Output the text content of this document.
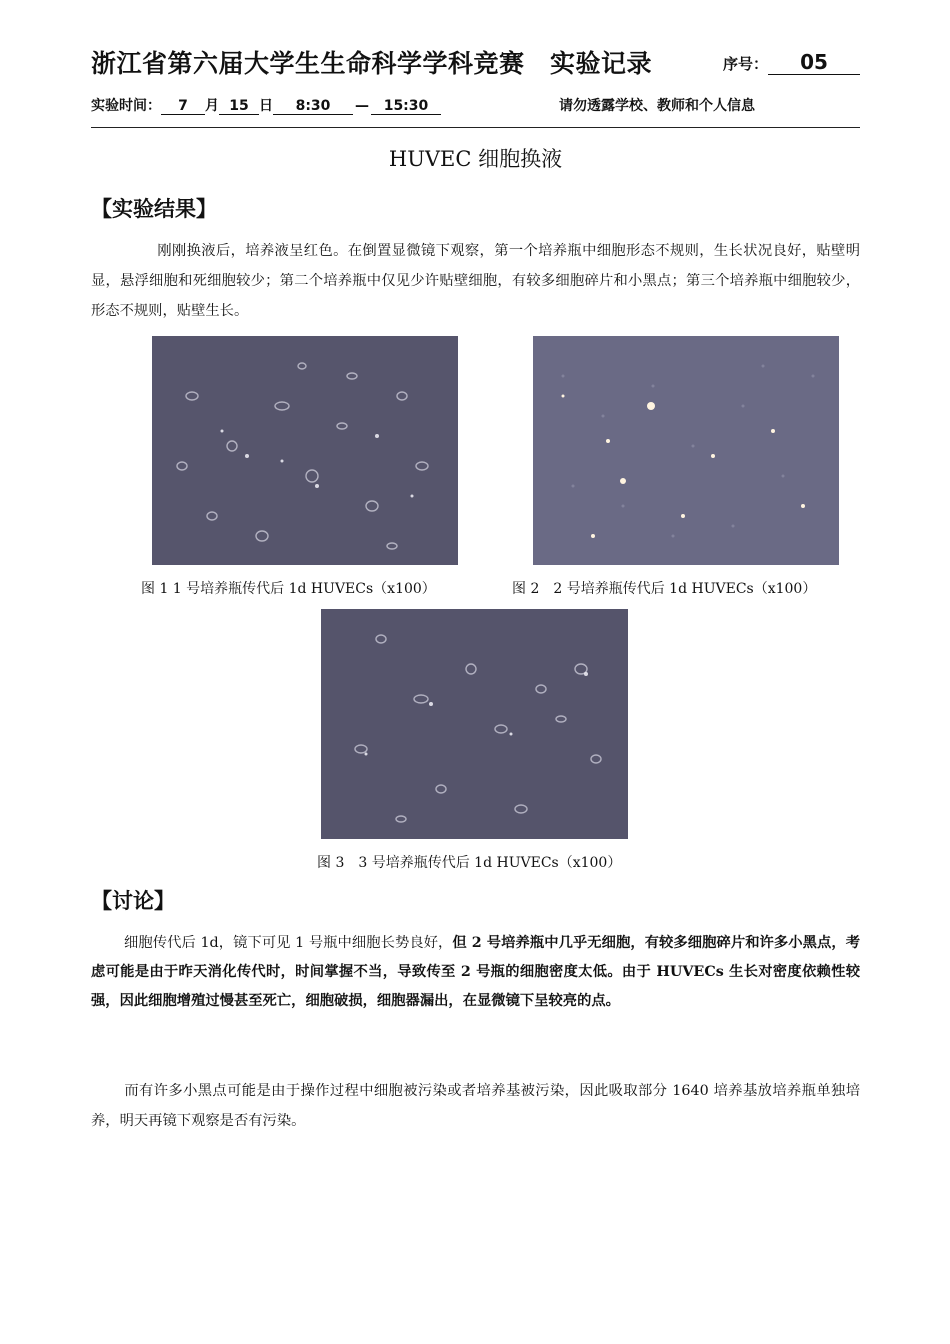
浙江省第六届大学生生命科学学科竞赛　实验记录	序号： 05
实验时间： 7 月 15 日 8:30 — 15:30	请勿透露学校、教师和个人信息
HUVEC 细胞换液
【实验结果】
刚刚换液后，培养液呈红色。在倒置显微镜下观察，第一个培养瓶中细胞形态不规则，生长状况良好，贴壁明显，悬浮细胞和死细胞较少；第二个培养瓶中仅见少许贴壁细胞，有较多细胞碎片和小黑点；第三个培养瓶中细胞较少，形态不规则，贴壁生长。
图 1 1 号培养瓶传代后 1d HUVECs（x100）	图 2　2 号培养瓶传代后 1d HUVECs（x100）
图 3　3 号培养瓶传代后 1d HUVECs（x100）
【讨论】
细胞传代后 1d，镜下可见 1 号瓶中细胞长势良好，但 2 号培养瓶中几乎无细胞，有较多细胞碎片和许多小黑点，考虑可能是由于昨天消化传代时，时间掌握不当，导致传至 2 号瓶的细胞密度太低。由于 HUVECs 生长对密度依赖性较强，因此细胞增殖过慢甚至死亡，细胞破损，细胞器漏出，在显微镜下呈较亮的点。
而有许多小黑点可能是由于操作过程中细胞被污染或者培养基被污染，因此吸取部分 1640 培养基放培养瓶单独培养，明天再镜下观察是否有污染。
